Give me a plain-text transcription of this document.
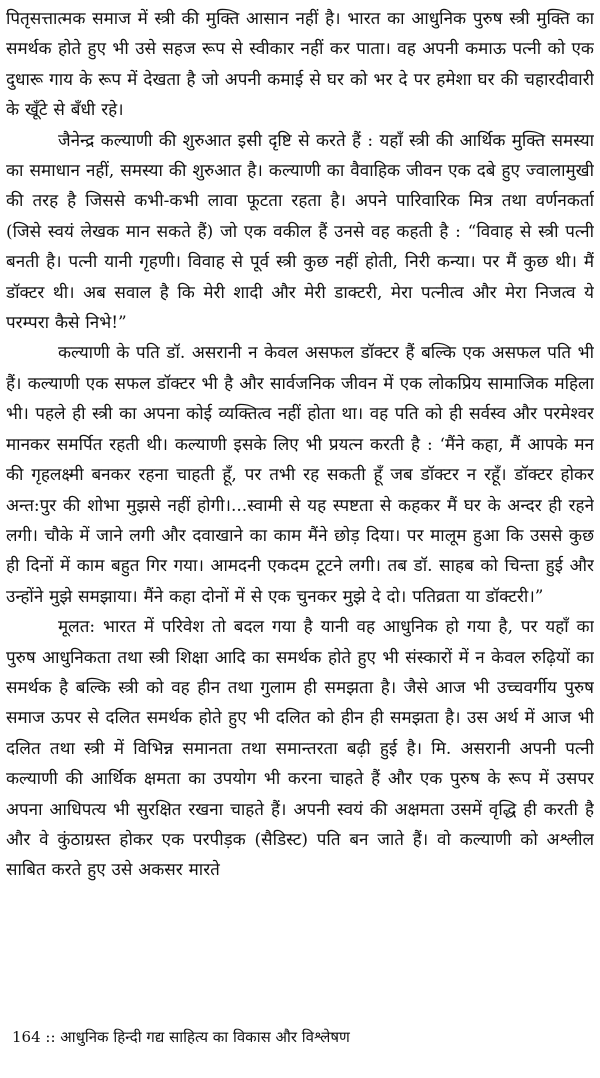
पितृसत्तात्मक समाज में स्त्री की मुक्ति आसान नहीं है। भारत का आधुनिक पुरुष स्त्री मुक्ति का समर्थक होते हुए भी उसे सहज रूप से स्वीकार नहीं कर पाता। वह अपनी कमाऊ पत्नी को एक दुधारू गाय के रूप में देखता है जो अपनी कमाई से घर को भर दे पर हमेशा घर की चहारदीवारी के खूँटे से बँधी रहे।

जैनेन्द्र कल्याणी की शुरुआत इसी दृष्टि से करते हैं : यहाँ स्त्री की आर्थिक मुक्ति समस्या का समाधान नहीं, समस्या की शुरुआत है। कल्याणी का वैवाहिक जीवन एक दबे हुए ज्वालामुखी की तरह है जिससे कभी-कभी लावा फूटता रहता है। अपने पारिवारिक मित्र तथा वर्णनकर्ता (जिसे स्वयं लेखक मान सकते हैं) जो एक वकील हैं उनसे वह कहती है : “विवाह से स्त्री पत्नी बनती है। पत्नी यानी गृहणी। विवाह से पूर्व स्त्री कुछ नहीं होती, निरी कन्या। पर मैं कुछ थी। मैं डॉक्टर थी। अब सवाल है कि मेरी शादी और मेरी डाक्टरी, मेरा पत्नीत्व और मेरा निजत्व ये परम्परा कैसे निभे!”

कल्याणी के पति डॉ. असरानी न केवल असफल डॉक्टर हैं बल्कि एक असफल पति भी हैं। कल्याणी एक सफल डॉक्टर भी है और सार्वजनिक जीवन में एक लोकप्रिय सामाजिक महिला भी। पहले ही स्त्री का अपना कोई व्यक्तित्व नहीं होता था। वह पति को ही सर्वस्व और परमेश्वर मानकर समर्पित रहती थी। कल्याणी इसके लिए भी प्रयत्न करती है : ‘मैंने कहा, मैं आपके मन की गृहलक्ष्मी बनकर रहना चाहती हूँ, पर तभी रह सकती हूँ जब डॉक्टर न रहूँ। डॉक्टर होकर अन्त:पुर की शोभा मुझसे नहीं होगी।...स्वामी से यह स्पष्टता से कहकर मैं घर के अन्दर ही रहने लगी। चौके में जाने लगी और दवाखाने का काम मैंने छोड़ दिया। पर मालूम हुआ कि उससे कुछ ही दिनों में काम बहुत गिर गया। आमदनी एकदम टूटने लगी। तब डॉ. साहब को चिन्ता हुई और उन्होंने मुझे समझाया। मैंने कहा दोनों में से एक चुनकर मुझे दे दो। पतिव्रता या डॉक्टरी।”

मूलत: भारत में परिवेश तो बदल गया है यानी वह आधुनिक हो गया है, पर यहाँ का पुरुष आधुनिकता तथा स्त्री शिक्षा आदि का समर्थक होते हुए भी संस्कारों में न केवल रुढ़ियों का समर्थक है बल्कि स्त्री को वह हीन तथा गुलाम ही समझता है। जैसे आज भी उच्चवर्गीय पुरुष समाज ऊपर से दलित समर्थक होते हुए भी दलित को हीन ही समझता है। उस अर्थ में आज भी दलित तथा स्त्री में विभिन्न समानता तथा समान्तरता बढ़ी हुई है। मि. असरानी अपनी पत्नी कल्याणी की आर्थिक क्षमता का उपयोग भी करना चाहते हैं और एक पुरुष के रूप में उसपर अपना आधिपत्य भी सुरक्षित रखना चाहते हैं। अपनी स्वयं की अक्षमता उसमें वृद्धि ही करती है और वे कुंठाग्रस्त होकर एक परपीड़क (सैडिस्ट) पति बन जाते हैं। वो कल्याणी को अश्लील साबित करते हुए उसे अकसर मारते

164 :: आधुनिक हिन्दी गद्य साहित्य का विकास और विश्लेषण
